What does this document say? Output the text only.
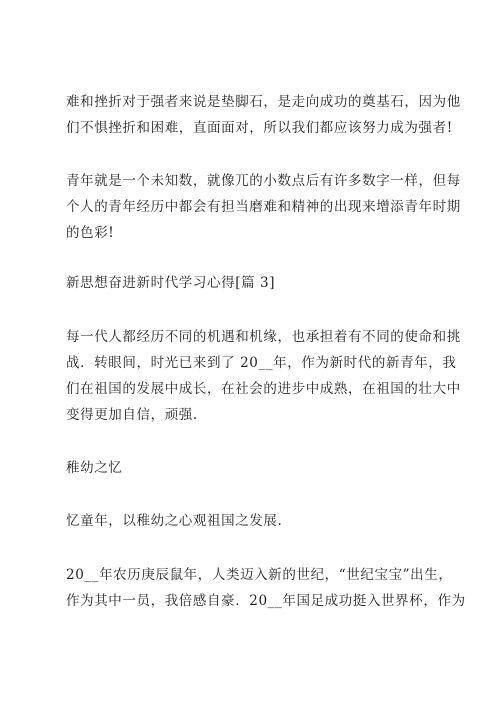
难和挫折对于强者来说是垫脚石，是走向成功的奠基石，因为他
们不惧挫折和困难，直面面对，所以我们都应该努力成为强者!
青年就是一个未知数，就像兀的小数点后有许多数字一样，但每
个人的青年经历中都会有担当磨难和精神的出现来增添青年时期
的色彩!
新思想奋进新时代学习心得[篇 3]
每一代人都经历不同的机遇和机缘，也承担着有不同的使命和挑
战．转眼间，时光已来到了 20__年，作为新时代的新青年，我
们在祖国的发展中成长，在社会的进步中成熟，在祖国的壮大中
变得更加自信，顽强.
稚幼之忆
忆童年，以稚幼之心观祖国之发展.
20__年农历庚辰鼠年，人类迈入新的世纪，“世纪宝宝”出生，
作为其中一员，我倍感自豪．20__年国足成功挺入世界杯，作为
